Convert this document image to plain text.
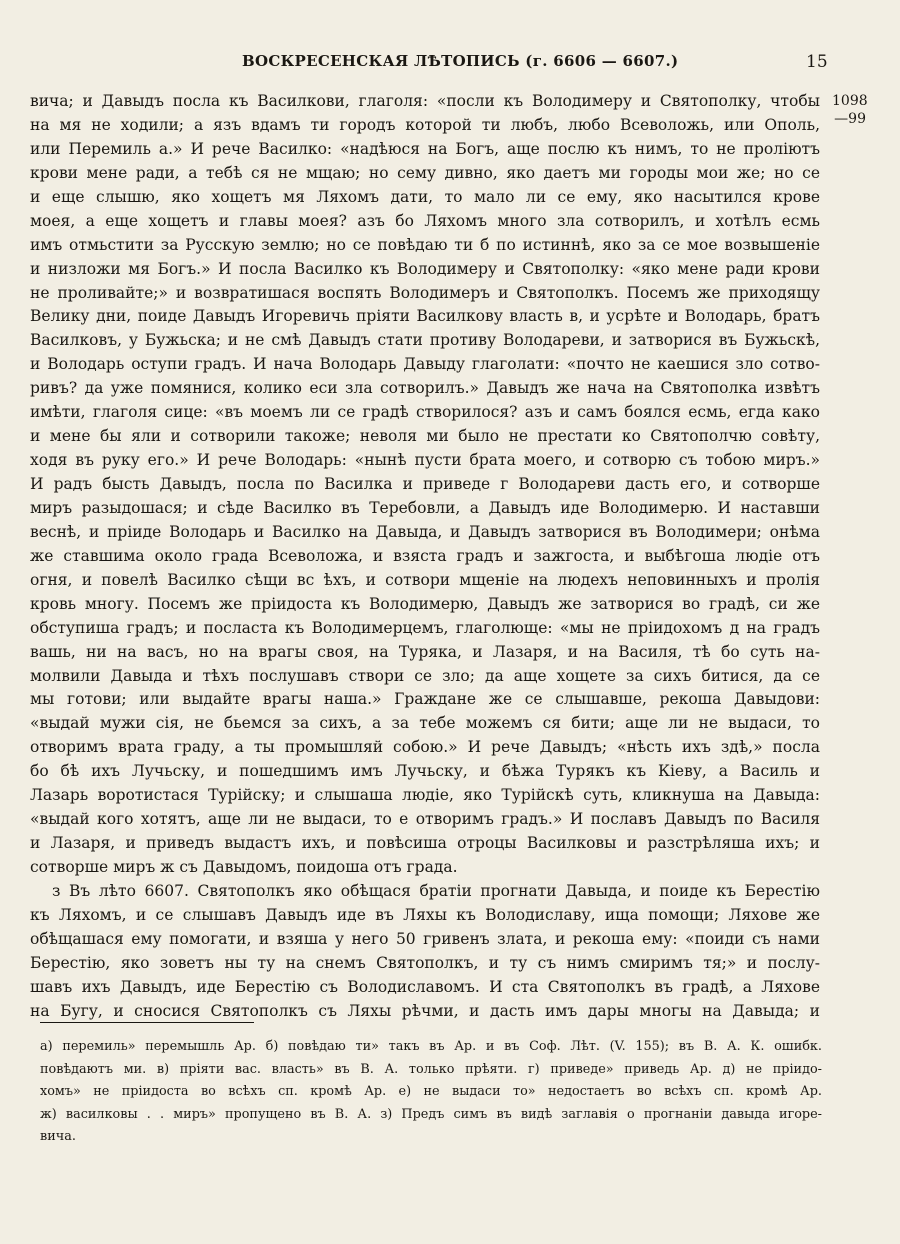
ВОСКРЕСЕНСКАЯ ЛѢТОПИСЬ (г. 6606 — 6607.)	15
1098
—99
вича; и Давыдъ посла къ Василкови, глаголя: «посли къ Володимеру и Святополку, чтобы
на мя не ходили; а язъ вдамъ ти городъ которой ти любъ, любо Всеволожь, или Ополь,
или Перемиль а.» И рече Василко: «надѣюся на Богъ, аще послю къ нимъ, то не пролiютъ
крови мене ради, а тебѣ ся не мщаю; но сему дивно, яко даетъ ми городы мои же; но се
и еще слышю, яко хощетъ мя Ляхомъ дати, то мало ли се ему, яко насытился крове
моея, а еще хощетъ и главы моея? азъ бо Ляхомъ много зла сотворилъ, и хотѣлъ есмь
имъ отмьстити за Русскую землю; но се повѣдаю ти б по истиннѣ, яко за се мое возвышенiе
и низложи мя Богъ.» И посла Василко къ Володимеру и Святополку: «яко мене ради крови
не проливайте;» и возвратишася воспять Володимеръ и Святополкъ. Посемъ же приходящу
Велику дни, поиде Давыдъ Игоревичь прiяти Василкову власть в, и усрѣте и Володарь, братъ
Василковъ, у Бужьска; и не смѣ Давыдъ стати противу Володареви, и затворися въ Бужьскѣ,
и Володарь оступи градъ. И нача Володарь Давыду глаголати: «почто не каешися зло сотво-
ривъ? да уже помянися, колико еси зла сотворилъ.» Давыдъ же нача на Святополка извѣтъ
имѣти, глаголя сице: «въ моемъ ли се градѣ створилося? азъ и самъ боялся есмь, егда како
и мене бы яли и сотворили такоже; неволя ми было не престати ко Святополчю совѣту,
ходя въ руку его.» И рече Володарь: «нынѣ пусти брата моего, и сотворю съ тобою миръ.»
И радъ бысть Давыдъ, посла по Василка и приведе г Володареви дасть его, и сотворше
миръ разыдошася; и сѣде Василко въ Теребовли, а Давыдъ иде Володимерю. И наставши
веснѣ, и прiиде Володарь и Василко на Давыда, и Давыдъ затворися въ Володимери; онѣма
же ставшима около града Всеволожа, и взяста градъ и зажгоста, и выбѣгоша людiе отъ
огня, и повелѣ Василко сѣщи вс ѣхъ, и сотвори мщенiе на людехъ неповинныхъ и пролiя
кровь многу. Посемъ же прiидоста къ Володимерю, Давыдъ же затворися во градѣ, си же
обступиша градъ; и посласта къ Володимерцемъ, глаголюще: «мы не прiидохомъ д на градъ
вашь, ни на васъ, но на врагы своя, на Туряка, и Лазаря, и на Василя, тѣ бо суть на-
молвили Давыда и тѣхъ послушавъ створи се зло; да аще хощете за сихъ битися, да се
мы готови; или выдайте врагы наша.» Граждане же се слышавше, рекоша Давыдови:
«выдай мужи сiя, не бьемся за сихъ, а за тебе можемъ ся бити; аще ли не выдаси, то
отворимъ врата граду, а ты промышляй собою.» И рече Давыдъ; «нѣсть ихъ здѣ,» посла
бо бѣ ихъ Лучьску, и пошедшимъ имъ Лучьску, и бѣжа Турякъ къ Кiеву, а Василь и
Лазарь воротистася Турiйску; и слышаша людiе, яко Турiйскѣ суть, кликнуша на Давыда:
«выдай кого хотятъ, аще ли не выдаси, то е отворимъ градъ.» И пославъ Давыдъ по Василя
и Лазаря, и приведъ выдастъ ихъ, и повѣсиша отроцы Василковы и разстрѣляша ихъ; и
сотворше миръ ж съ Давыдомъ, поидоша отъ града.
з Въ лѣто 6607. Святополкъ яко обѣщася братiи прогнати Давыда, и поиде къ Берестiю
къ Ляхомъ, и се слышавъ Давыдъ иде въ Ляхы къ Володиславу, ища помощи; Ляхове же
обѣщашася ему помогати, и взяша у него 50 гривенъ злата, и рекоша ему: «поиди съ нами
Берестiю, яко зоветъ ны ту на снемъ Святополкъ, и ту съ нимъ смиримъ тя;» и послу-
шавъ ихъ Давыдъ, иде Берестiю съ Володиславомъ. И ста Святополкъ въ градѣ, а Ляхове
на Бугу, и сносися Святополкъ съ Ляхы рѣчми, и дасть имъ дары многы на Давыда; и
а) перемиль» перемышль Ар. б) повѣдаю ти» такъ въ Ар. и въ Соф. Лѣт. (V. 155); въ В. А. К. ошибк.
повѣдаютъ ми. в) прiяти вас. власть» въ В. А. только прѣяти. г) приведе» приведь Ар. д) не прiидо-
хомъ» не прiидоста во всѣхъ сп. кромѣ Ар. е) не выдаси то» недостаетъ во всѣхъ сп. кромѣ Ар.
ж) василковы . . миръ» пропущено въ В. А. з) Предъ симъ въ видѣ заглавiя о прогнанiи давыда игоре-
вича.
